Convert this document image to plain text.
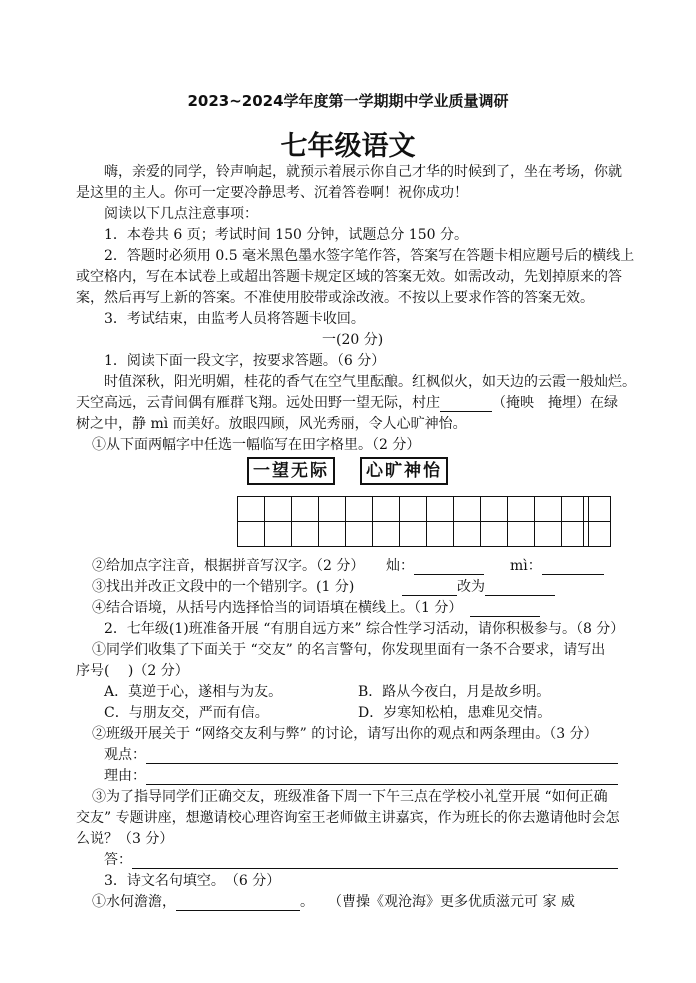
2023~2024学年度第一学期期中学业质量调研
七年级语文
嗨，亲爱的同学，铃声响起，就预示着展示你自己才华的时候到了，坐在考场，你就
是这里的主人。你可一定要冷静思考、沉着答卷啊！祝你成功！
阅读以下几点注意事项：
1．本卷共 6 页；考试时间 150 分钟，试题总分 150 分。
2．答题时必须用 0.5 毫米黑色墨水签字笔作答，答案写在答题卡相应题号后的横线上
或空格内，写在本试卷上或超出答题卡规定区域的答案无效。如需改动，先划掉原来的答
案，然后再写上新的答案。不准使用胶带或涂改液。不按以上要求作答的答案无效。
3．考试结束，由监考人员将答题卡收回。
一(20 分)
1．阅读下面一段文字，按要求答题。（6 分）
时值深秋，阳光明媚，桂花的香气在空气里酝酿。红枫似火，如天边的云霞一般灿烂。
天空高远，云青间偶有雁群飞翔。远处田野一望无际，村庄	（掩映　掩埋）在绿
树之中，静 mì 而美好。放眼四顾，风光秀丽，令人心旷神怡。
①从下面两幅字中任选一幅临写在田字格里。（2 分）
一望无际	心旷神怡
②给加点字注音，根据拼音写汉字。（2 分） 灿：	mì：
③找出并改正文段中的一个错别字。(1 分)	改为
④结合语境，从括号内选择恰当的词语填在横线上。（1 分）
2．七年级(1)班准备开展 “有朋自远方来” 综合性学习活动，请你积极参与。（8 分）
①同学们收集了下面关于 “交友” 的名言警句，你发现里面有一条不合要求，请写出
序号(　 )（2 分）
A．莫逆于心，遂相与为友。	B．路从今夜白，月是故乡明。
C．与朋友交，严而有信。	D．岁寒知松柏，患难见交情。
②班级开展关于 “网络交友利与弊” 的讨论，请写出你的观点和两条理由。（3 分）
观点：
理由：
③为了指导同学们正确交友，班级准备下周一下午三点在学校小礼堂开展 “如何正确
交友” 专题讲座，想邀请校心理咨询室王老师做主讲嘉宾，作为班长的你去邀请他时会怎
么说？（3 分）
答：
3．诗文名句填空。　（6 分）
①水何澹澹，	。　　（曹操《观沧海》更多优质滋元可 家 威
